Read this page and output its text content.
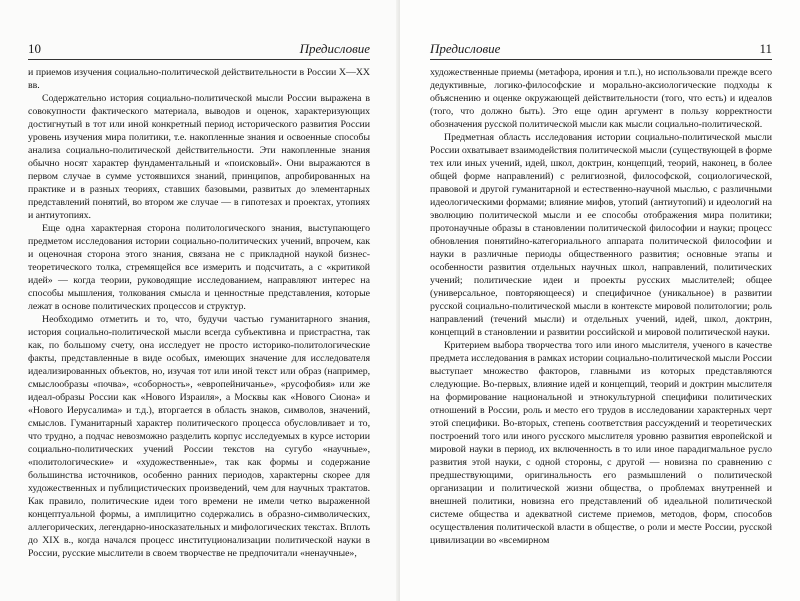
10	Предисловие

и приемов изучения социально-политической действительности в России X—XX вв.

Содержательно история социально-политической мысли России выражена в совокупности фактического материала, выводов и оценок, характеризующих достигнутый в тот или иной конкретный период исторического развития России уровень изучения мира политики, т.е. накопленные знания и освоенные способы анализа социально-политической действительности. Эти накопленные знания обычно носят характер фундаментальный и «поисковый». Они выражаются в первом случае в сумме устоявшихся знаний, принципов, апробированных на практике и в разных теориях, ставших базовыми, развитых до элементарных представлений понятий, во втором же случае — в гипотезах и проектах, утопиях и антиутопиях.

Еще одна характерная сторона политологического знания, выступающего предметом исследования истории социально-политических учений, впрочем, как и оценочная сторона этого знания, связана не с прикладной наукой бизнес-теоретического толка, стремящейся все измерить и подсчитать, а с «критикой идей» — когда теории, руководящие исследованием, направляют интерес на способы мышления, толкования смысла и ценностные представления, которые лежат в основе политических процессов и структур.

Необходимо отметить и то, что, будучи частью гуманитарного знания, история социально-политической мысли всегда субъективна и пристрастна, так как, по большому счету, она исследует не просто историко-политологические факты, представленные в виде особых, имеющих значение для исследователя идеализированных объектов, но, изучая тот или иной текст или образ (например, смыслообразы «почва», «соборность», «европейничанье», «русофобия» или же идеал-образы России как «Нового Израиля», а Москвы как «Нового Сиона» и «Нового Иерусалима» и т.д.), вторгается в область знаков, символов, значений, смыслов. Гуманитарный характер политического процесса обусловливает и то, что трудно, а подчас невозможно разделить корпус исследуемых в курсе истории социально-политических учений России текстов на сугубо «научные», «политологические» и «художественные», так как формы и содержание большинства источников, особенно ранних периодов, характерны скорее для художественных и публицистических произведений, чем для научных трактатов. Как правило, политические идеи того времени не имели четко выраженной концептуальной формы, а имплицитно содержались в образно-символических, аллегорических, легендарно-иносказательных и мифологических текстах. Вплоть до XIX в., когда начался процесс институционализации политической науки в России, русские мыслители в своем творчестве не предпочитали «ненаучные»,

Предисловие	11

художественные приемы (метафора, ирония и т.п.), но использовали прежде всего дедуктивные, логико-философские и морально-аксиологические подходы к объяснению и оценке окружающей действительности (того, что есть) и идеалов (того, что должно быть). Это еще один аргумент в пользу корректности обозначения русской политической мысли как мысли социально-политической.

Предметная область исследования истории социально-политической мысли России охватывает взаимодействия политической мысли (существующей в форме тех или иных учений, идей, школ, доктрин, концепций, теорий, наконец, в более общей форме направлений) с религиозной, философской, социологической, правовой и другой гуманитарной и естественно-научной мыслью, с различными идеологическими формами; влияние мифов, утопий (антиутопий) и идеологий на эволюцию политической мысли и ее способы отображения мира политики; протонаучные образы в становлении политической философии и науки; процесс обновления понятийно-категориального аппарата политической философии и науки в различные периоды общественного развития; основные этапы и особенности развития отдельных научных школ, направлений, политических учений; политические идеи и проекты русских мыслителей; общее (универсальное, повторяющееся) и специфичное (уникальное) в развитии русской социально-политической мысли в контексте мировой политологии; роль направлений (течений мысли) и отдельных учений, идей, школ, доктрин, концепций в становлении и развитии российской и мировой политической науки.

Критерием выбора творчества того или иного мыслителя, ученого в качестве предмета исследования в рамках истории социально-политической мысли России выступает множество факторов, главными из которых представляются следующие. Во-первых, влияние идей и концепций, теорий и доктрин мыслителя на формирование национальной и этнокультурной специфики политических отношений в России, роль и место его трудов в исследовании характерных черт этой специфики. Во-вторых, степень соответствия рассуждений и теоретических построений того или иного русского мыслителя уровню развития европейской и мировой науки в период, их включенность в то или иное парадигмальное русло развития этой науки, с одной стороны, с другой — новизна по сравнению с предшествующими, оригинальность его размышлений о политической организации и политической жизни общества, о проблемах внутренней и внешней политики, новизна его представлений об идеальной политической системе общества и адекватной системе приемов, методов, форм, способов осуществления политической власти в обществе, о роли и месте России, русской цивилизации во «всемирном
